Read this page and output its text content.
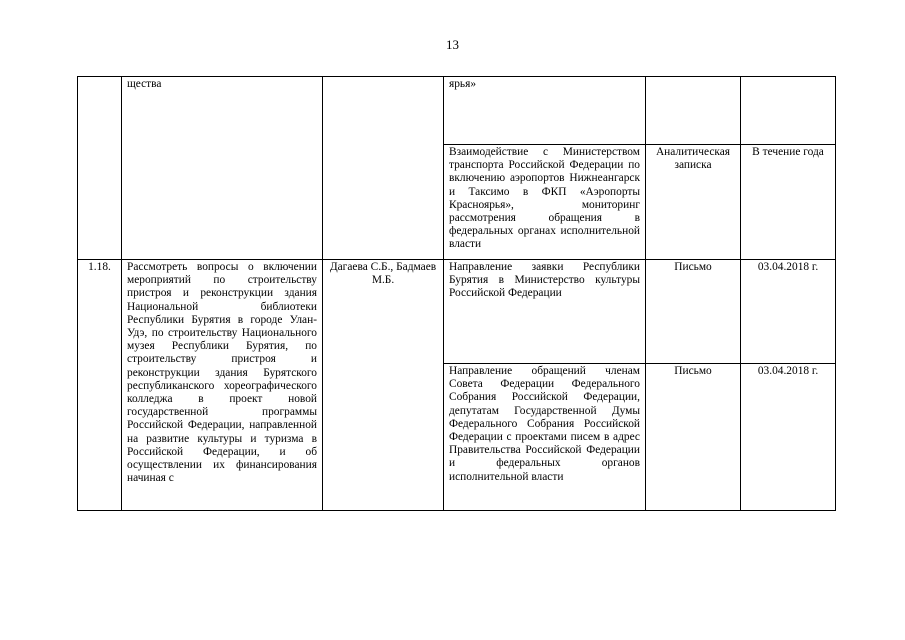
13
	щества		ярья»		
			Взаимодействие с Министерством транспорта Российской Федерации по включению аэропортов Нижнеангарск и Таксимо в ФКП «Аэропорты Красноярья», мониторинг рассмотрения обращения в федеральных органах исполнительной власти	Аналитическая записка	В течение года
1.18.	Рассмотреть вопросы о включении мероприятий по строительству пристроя и реконструкции здания Национальной библиотеки Республики Бурятия в городе Улан-Удэ, по строительству Национального музея Республики Бурятия, по строительству пристроя и реконструкции здания Бурятского республиканского хореографического колледжа в проект новой государственной программы Российской Федерации, направленной на развитие культуры и туризма в Российской Федерации, и об осуществлении их финансирования начиная с	Дагаева С.Б., Бадмаев М.Б.	Направление заявки Республики Бурятия в Министерство культуры Российской Федерации	Письмо	03.04.2018 г.
			Направление обращений членам Совета Федерации Федерального Собрания Российской Федерации, депутатам Государственной Думы Федерального Собрания Российской Федерации с проектами писем в адрес Правительства Российской Федерации и федеральных органов исполнительной власти	Письмо	03.04.2018 г.
